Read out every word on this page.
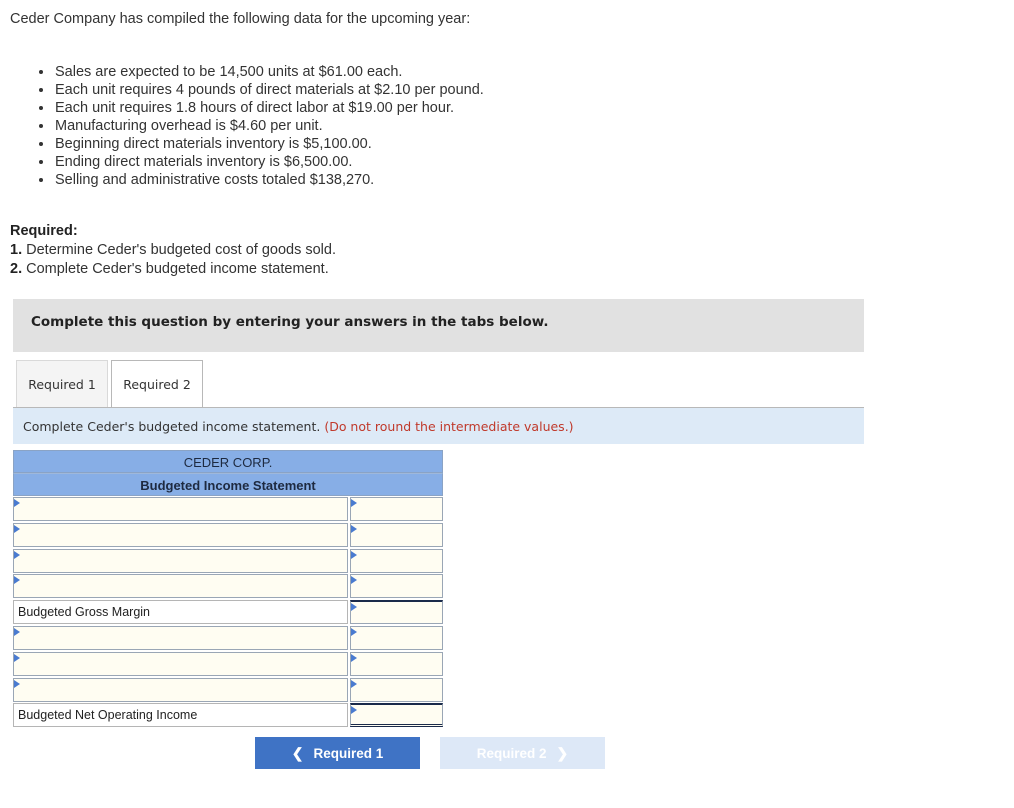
Ceder Company has compiled the following data for the upcoming year:
Sales are expected to be 14,500 units at $61.00 each.
Each unit requires 4 pounds of direct materials at $2.10 per pound.
Each unit requires 1.8 hours of direct labor at $19.00 per hour.
Manufacturing overhead is $4.60 per unit.
Beginning direct materials inventory is $5,100.00.
Ending direct materials inventory is $6,500.00.
Selling and administrative costs totaled $138,270.
Required:
1. Determine Ceder's budgeted cost of goods sold.
2. Complete Ceder's budgeted income statement.
Complete this question by entering your answers in the tabs below.
Required 1	Required 2
Complete Ceder's budgeted income statement. (Do not round the intermediate values.)
CEDER CORP.
Budgeted Income Statement
Budgeted Gross Margin
Budgeted Net Operating Income
❮ Required 1	Required 2 ❯
